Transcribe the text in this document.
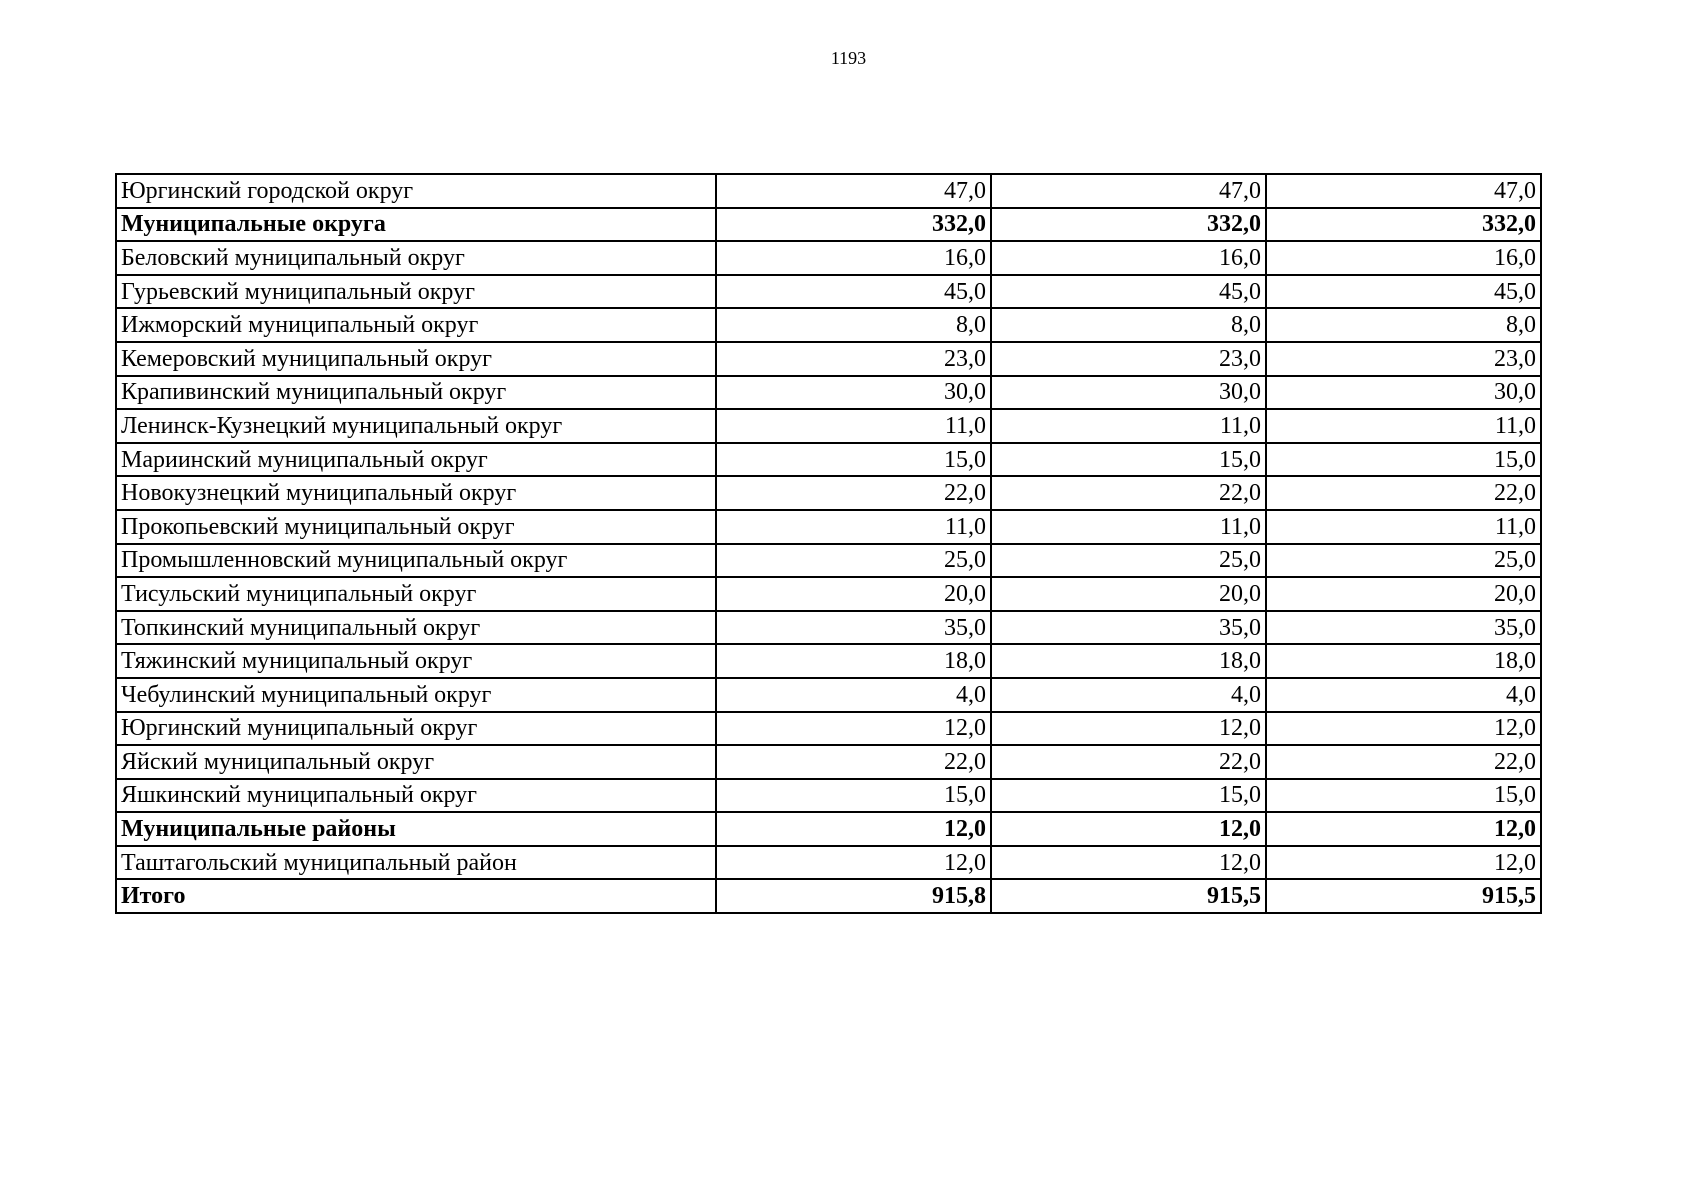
1193
Юргинский городской округ	47,0	47,0	47,0
Муниципальные округа	332,0	332,0	332,0
Беловский муниципальный округ	16,0	16,0	16,0
Гурьевский муниципальный округ	45,0	45,0	45,0
Ижморский муниципальный округ	8,0	8,0	8,0
Кемеровский муниципальный округ	23,0	23,0	23,0
Крапивинский муниципальный округ	30,0	30,0	30,0
Ленинск-Кузнецкий муниципальный округ	11,0	11,0	11,0
Мариинский муниципальный округ	15,0	15,0	15,0
Новокузнецкий муниципальный округ	22,0	22,0	22,0
Прокопьевский муниципальный округ	11,0	11,0	11,0
Промышленновский муниципальный округ	25,0	25,0	25,0
Тисульский муниципальный округ	20,0	20,0	20,0
Топкинский муниципальный округ	35,0	35,0	35,0
Тяжинский муниципальный округ	18,0	18,0	18,0
Чебулинский муниципальный округ	4,0	4,0	4,0
Юргинский муниципальный округ	12,0	12,0	12,0
Яйский муниципальный округ	22,0	22,0	22,0
Яшкинский муниципальный округ	15,0	15,0	15,0
Муниципальные районы	12,0	12,0	12,0
Таштагольский муниципальный район	12,0	12,0	12,0
Итого	915,8	915,5	915,5
